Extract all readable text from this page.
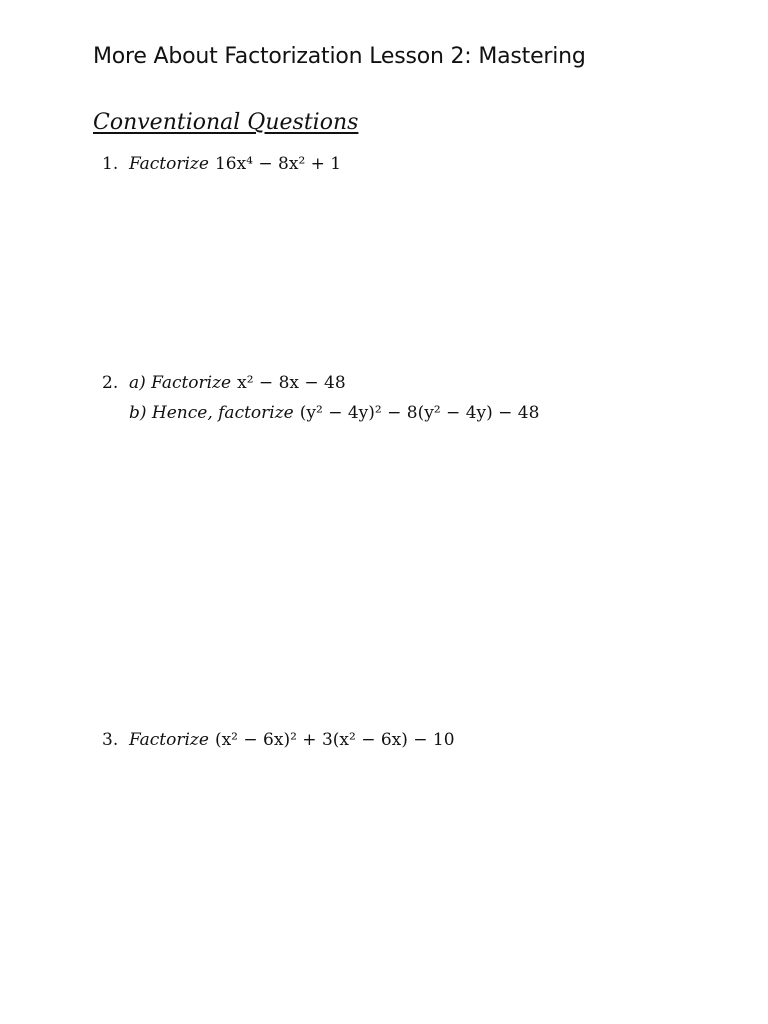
More About Factorization Lesson 2: Mastering
Conventional Questions
1. Factorize 16x⁴ − 8x² + 1
2. a) Factorize x² − 8x − 48
b) Hence, factorize (y² − 4y)² − 8(y² − 4y) − 48
3. Factorize (x² − 6x)² + 3(x² − 6x) − 10
